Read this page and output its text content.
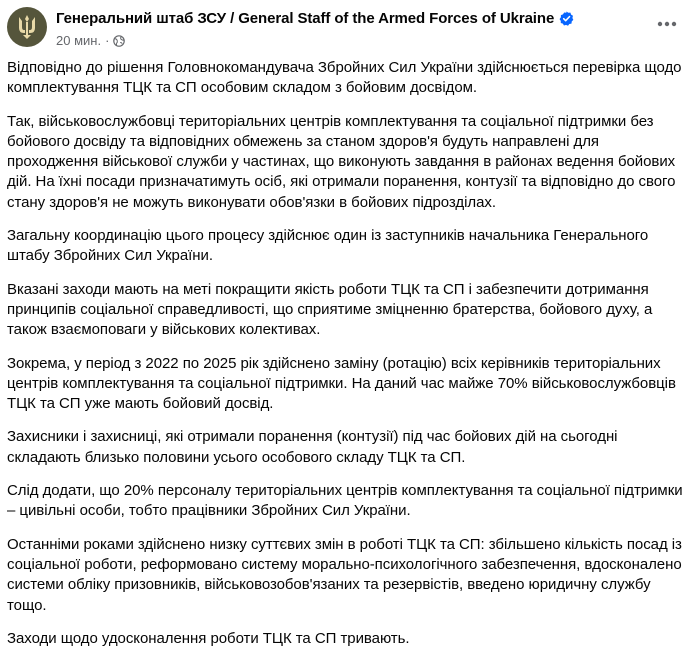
Генеральний штаб ЗСУ / General Staff of the Armed Forces of Ukraine
20 мин. ·

Відповідно до рішення Головнокомандувача Збройних Сил України здійснюється перевірка щодо комплектування ТЦК та СП особовим складом з бойовим досвідом.

Так, військовослужбовці територіальних центрів комплектування та соціальної підтримки без бойового досвіду та відповідних обмежень за станом здоров'я будуть направлені для проходження військової служби у частинах, що виконують завдання в районах ведення бойових дій. На їхні посади призначатимуть осіб, які отримали поранення, контузії та відповідно до свого стану здоров'я не можуть виконувати обов'язки в бойових підрозділах.

Загальну координацію цього процесу здійснює один із заступників начальника Генерального штабу Збройних Сил України.

Вказані заходи мають на меті покращити якість роботи ТЦК та СП і забезпечити дотримання принципів соціальної справедливості, що сприятиме зміцненню братерства, бойового духу, а також взаємоповаги у військових колективах.

Зокрема, у період з 2022 по 2025 рік здійснено заміну (ротацію) всіх керівників територіальних центрів комплектування та соціальної підтримки. На даний час майже 70% військовослужбовців ТЦК та СП уже мають бойовий досвід.

Захисники і захисниці, які отримали поранення (контузії) під час бойових дій на сьогодні складають близько половини усього особового складу ТЦК та СП.

Слід додати, що 20% персоналу територіальних центрів комплектування та соціальної підтримки – цивільні особи, тобто працівники Збройних Сил України.

Останніми роками здійснено низку суттєвих змін в роботі ТЦК та СП: збільшено кількість посад із соціальної роботи, реформовано систему морально-психологічного забезпечення, вдосконалено системи обліку призовників, військовозобов'язаних та резервістів, введено юридичну службу тощо.

Заходи щодо удосконалення роботи ТЦК та СП тривають.
